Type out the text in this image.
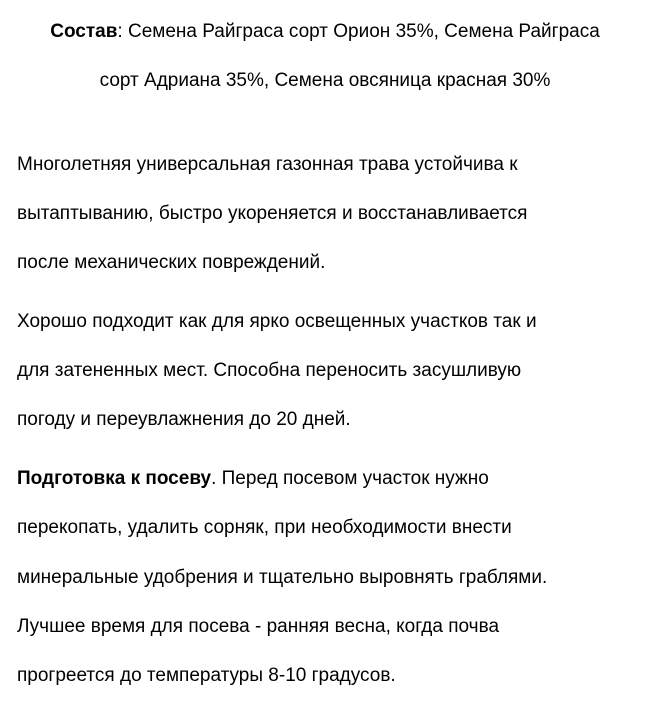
Состав: Семена Райграса сорт Орион 35%, Семена Райграса
сорт Адриана 35%, Семена овсяница красная 30%
Многолетняя универсальная газонная трава устойчива к
вытаптыванию, быстро укореняется и восстанавливается
после механических повреждений.
Хорошо подходит как для ярко освещенных участков так и
для затененных мест. Способна переносить засушливую
погоду и переувлажнения до 20 дней.
Подготовка к посеву. Перед посевом участок нужно
перекопать, удалить сорняк, при необходимости внести
минеральные удобрения и тщательно выровнять граблями.
Лучшее время для посева - ранняя весна, когда почва
прогреется до температуры 8-10 градусов.
